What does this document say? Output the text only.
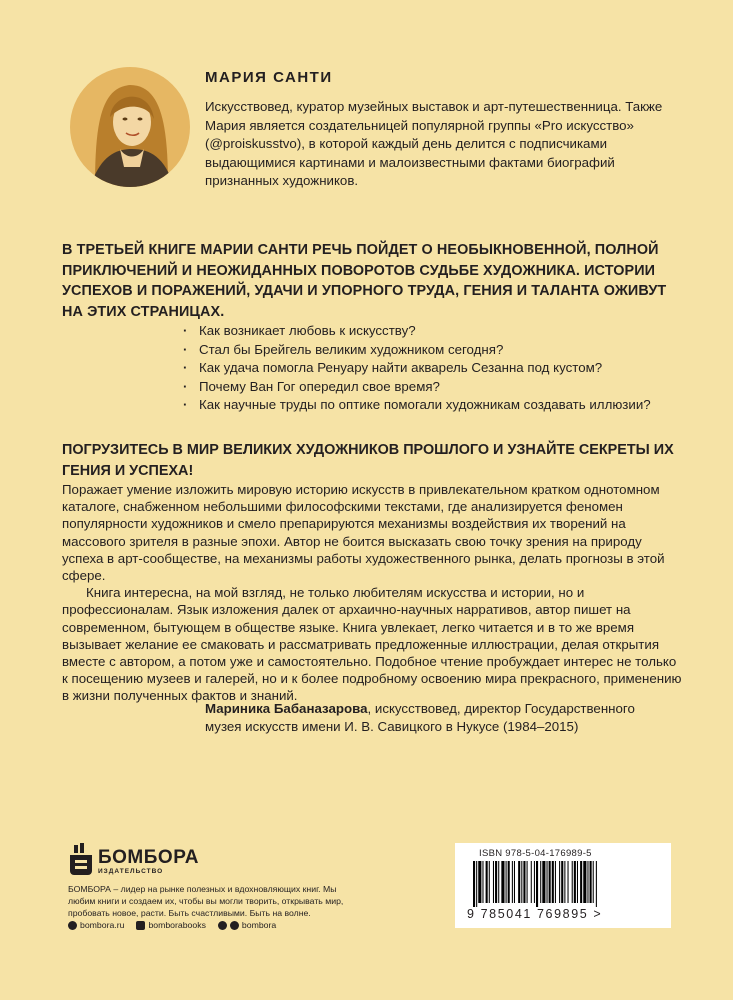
МАРИЯ САНТИ

Искусствовед, куратор музейных выставок и арт-путешественница. Также Мария является создательницей популярной группы «Pro искусство» (@proiskusstvo), в которой каждый день делится с подписчиками выдающимися картинами и малоизвестными фактами биографий признанных художников.

В ТРЕТЬЕЙ КНИГЕ МАРИИ САНТИ РЕЧЬ ПОЙДЕТ О НЕОБЫКНОВЕННОЙ, ПОЛНОЙ ПРИКЛЮЧЕНИЙ И НЕОЖИДАННЫХ ПОВОРОТОВ СУДЬБЕ ХУДОЖНИКА. ИСТОРИИ УСПЕХОВ И ПОРАЖЕНИЙ, УДАЧИ И УПОРНОГО ТРУДА, ГЕНИЯ И ТАЛАНТА ОЖИВУТ НА ЭТИХ СТРАНИЦАХ.

· Как возникает любовь к искусству?
· Стал бы Брейгель великим художником сегодня?
· Как удача помогла Ренуару найти акварель Сезанна под кустом?
· Почему Ван Гог опередил свое время?
· Как научные труды по оптике помогали художникам создавать иллюзии?

ПОГРУЗИТЕСЬ В МИР ВЕЛИКИХ ХУДОЖНИКОВ ПРОШЛОГО И УЗНАЙТЕ СЕКРЕТЫ ИХ ГЕНИЯ И УСПЕХА!

Поражает умение изложить мировую историю искусств в привлекательном кратком однотомном каталоге, снабженном небольшими философскими текстами, где анализируется феномен популярности художников и смело препарируются механизмы воздействия их творений на массового зрителя в разные эпохи. Автор не боится высказать свою точку зрения на природу успеха в арт-сообществе, на механизмы работы художественного рынка, делать прогнозы в этой сфере.

Книга интересна, на мой взгляд, не только любителям искусства и истории, но и профессионалам. Язык изложения далек от архаично-научных нарративов, автор пишет на современном, бытующем в обществе языке. Книга увлекает, легко читается и в то же время вызывает желание ее смаковать и рассматривать предложенные иллюстрации, делая открытия вместе с автором, а потом уже и самостоятельно. Подобное чтение пробуждает интерес не только к посещению музеев и галерей, но и к более подробному освоению мира прекрасного, применению в жизни полученных фактов и знаний.

Мариника Бабаназарова, искусствовед, директор Государственного музея искусств имени И. В. Савицкого в Нукусе (1984–2015)

БОМБОРА
ИЗДАТЕЛЬСТВО

БОМБОРА – лидер на рынке полезных и вдохновляющих книг. Мы любим книги и создаем их, чтобы вы могли творить, открывать мир, пробовать новое, расти. Быть счастливыми. Быть на волне.

bombora.ru	bomborabooks	bombora
ISBN 978-5-04-176989-5
9 785041 769895 >
